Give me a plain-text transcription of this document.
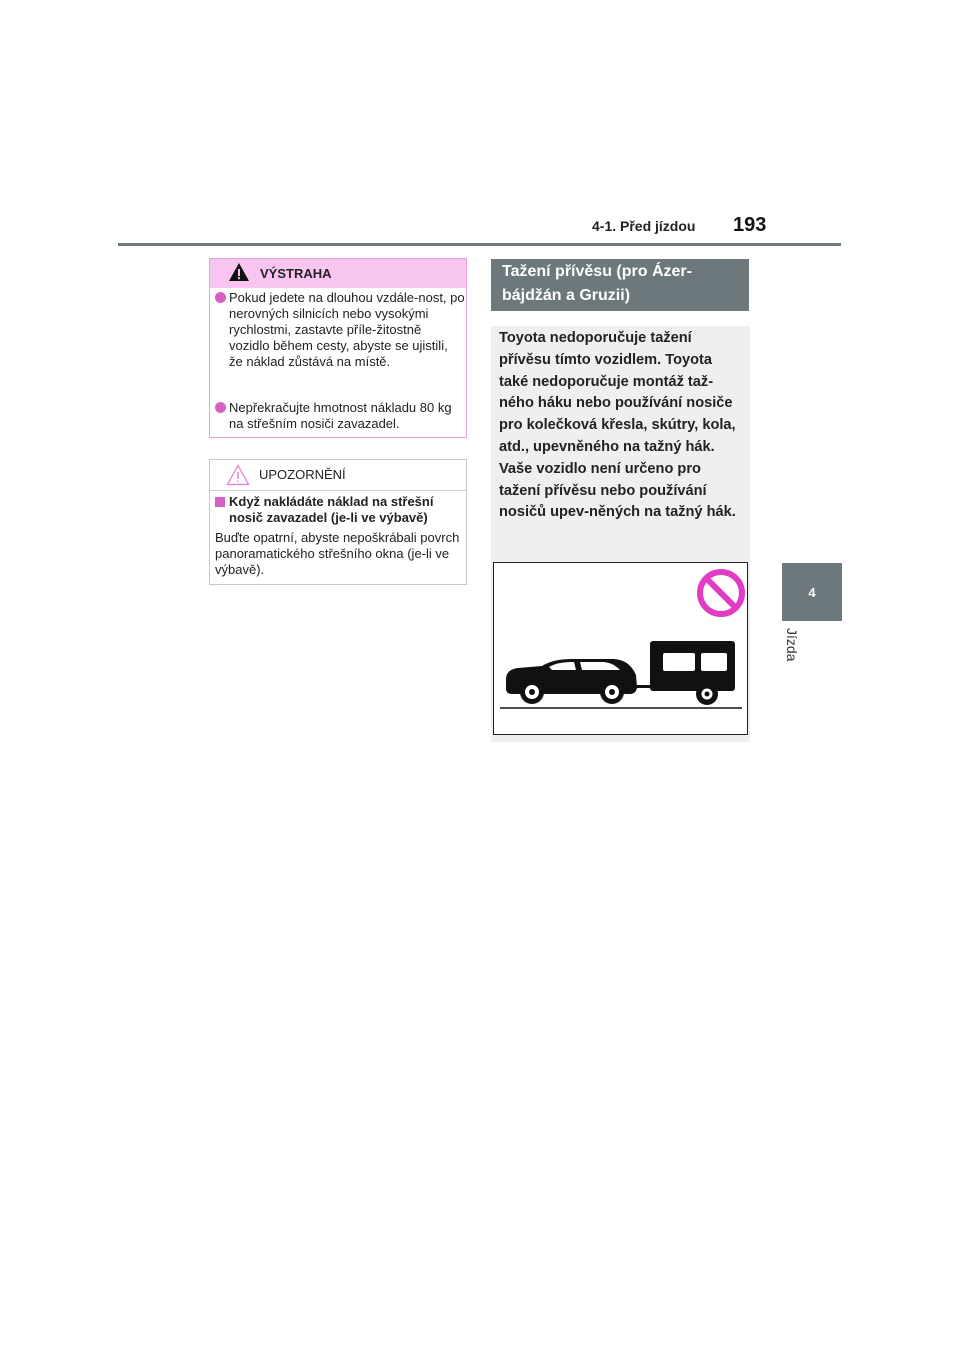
4-1. Před jízdou 193
4
Jízda
VÝSTRAHA
Pokud jedete na dlouhou vzdále-nost, po nerovných silnicích nebo vysokými rychlostmi, zastavte příle-žitostně vozidlo během cesty, abyste se ujistili, že náklad zůstává na místě.
Nepřekračujte hmotnost nákladu 80 kg na střešním nosiči zavazadel.
UPOZORNĚNÍ
Když nakládáte náklad na střešní nosič zavazadel (je-li ve výbavě)
Buďte opatrní, abyste nepoškrábali povrch panoramatického střešního okna (je-li ve výbavě).
Tažení přívěsu (pro Ázer-bájdžán a Gruzii)
Toyota nedoporučuje tažení přívěsu tímto vozidlem. Toyota také nedoporučuje montáž taž-ného háku nebo používání nosiče pro kolečková křesla, skútry, kola, atd., upevněného na tažný hák. Vaše vozidlo není určeno pro tažení přívěsu nebo používání nosičů upev-něných na tažný hák.
